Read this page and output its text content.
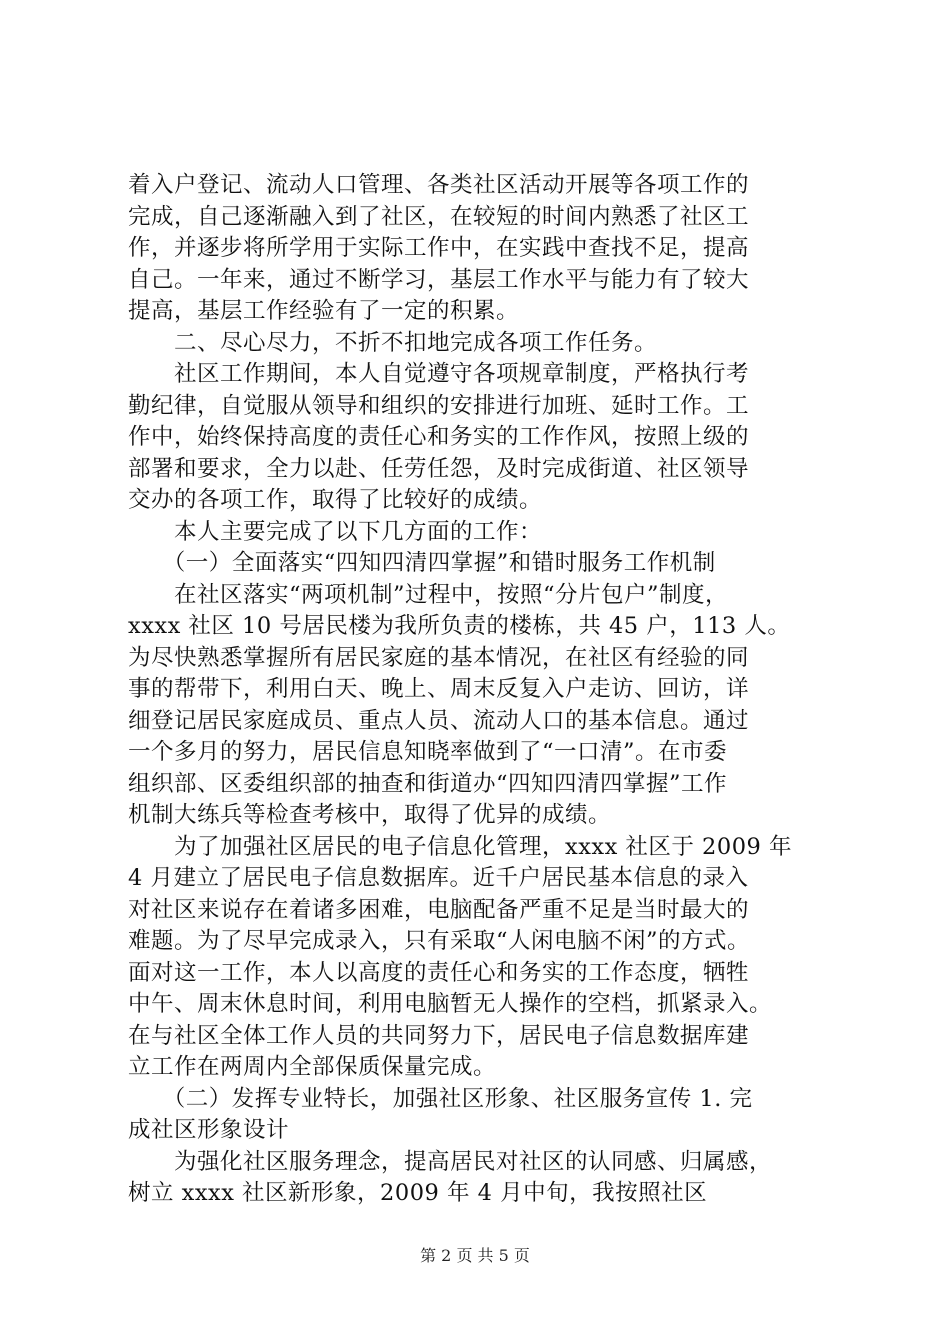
着入户登记、流动人口管理、各类社区活动开展等各项工作的
完成，自己逐渐融入到了社区，在较短的时间内熟悉了社区工
作，并逐步将所学用于实际工作中，在实践中查找不足，提高
自己。一年来，通过不断学习，基层工作水平与能力有了较大
提高，基层工作经验有了一定的积累。
　　二、尽心尽力，不折不扣地完成各项工作任务。
　　社区工作期间，本人自觉遵守各项规章制度，严格执行考
勤纪律，自觉服从领导和组织的安排进行加班、延时工作。工
作中，始终保持高度的责任心和务实的工作作风，按照上级的
部署和要求，全力以赴、任劳任怨，及时完成街道、社区领导
交办的各项工作，取得了比较好的成绩。
　　本人主要完成了以下几方面的工作：
　　（一）全面落实“四知四清四掌握”和错时服务工作机制
　　在社区落实“两项机制”过程中，按照“分片包户”制度，
xxxx 社区 10 号居民楼为我所负责的楼栋，共 45 户，113 人。
为尽快熟悉掌握所有居民家庭的基本情况，在社区有经验的同
事的帮带下，利用白天、晚上、周末反复入户走访、回访，详
细登记居民家庭成员、重点人员、流动人口的基本信息。通过
一个多月的努力，居民信息知晓率做到了“一口清”。在市委
组织部、区委组织部的抽查和街道办“四知四清四掌握”工作
机制大练兵等检查考核中，取得了优异的成绩。
　　为了加强社区居民的电子信息化管理，xxxx 社区于 2009 年
4 月建立了居民电子信息数据库。近千户居民基本信息的录入
对社区来说存在着诸多困难，电脑配备严重不足是当时最大的
难题。为了尽早完成录入，只有采取“人闲电脑不闲”的方式。
面对这一工作，本人以高度的责任心和务实的工作态度，牺牲
中午、周末休息时间，利用电脑暂无人操作的空档，抓紧录入。
在与社区全体工作人员的共同努力下，居民电子信息数据库建
立工作在两周内全部保质保量完成。
　　（二）发挥专业特长，加强社区形象、社区服务宣传 1. 完
成社区形象设计
　　为强化社区服务理念，提高居民对社区的认同感、归属感，
树立 xxxx 社区新形象，2009 年 4 月中旬，我按照社区
第 2 页 共 5 页
